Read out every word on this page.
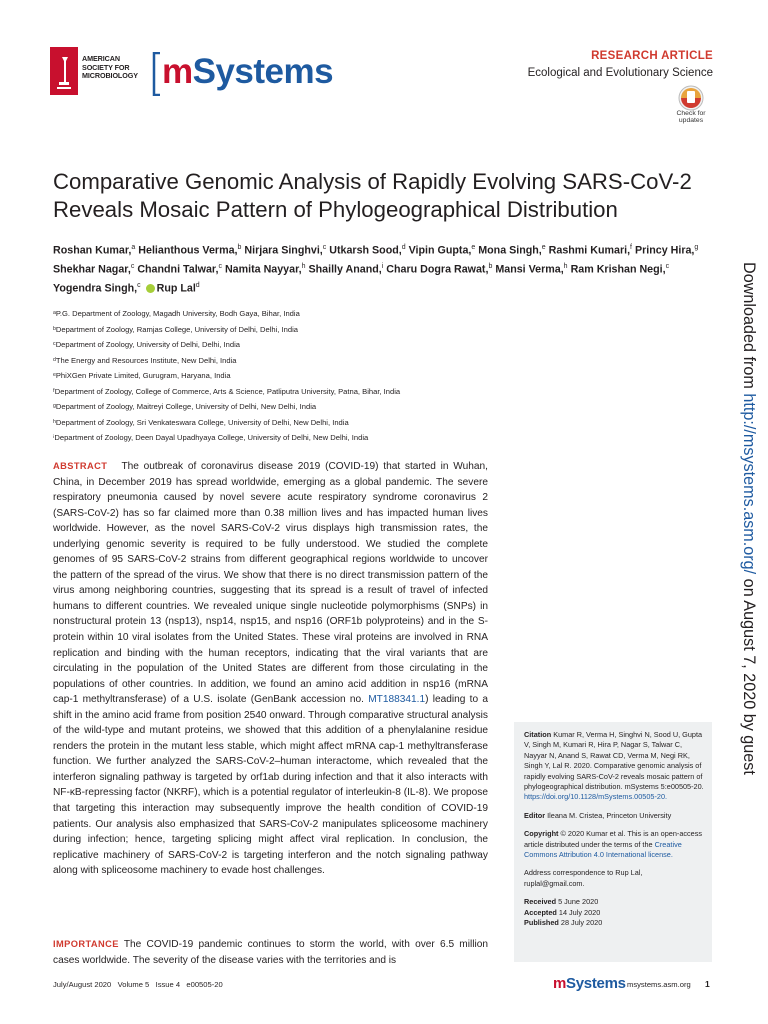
AMERICAN
SOCIETY FOR
MICROBIOLOGY mSystems	RESEARCH ARTICLE
Ecological and Evolutionary Science
Check for
updates
Comparative Genomic Analysis of Rapidly Evolving SARS-CoV-2 Reveals Mosaic Pattern of Phylogeographical Distribution
Roshan Kumar,$^a$ Helianthous Verma,$^b$ Nirjara Singhvi,$^c$ Utkarsh Sood,$^d$ Vipin Gupta,$^e$ Mona Singh,$^e$ Rashmi Kumari,$^f$ Princy Hira,$^g$ Shekhar Nagar,$^c$ Chandni Talwar,$^c$ Namita Nayyar,$^h$ Shailly Anand,$^i$ Charu Dogra Rawat,$^b$ Mansi Verma,$^h$ Ram Krishan Negi,$^c$ Yogendra Singh,$^c$ Rup Lal$^d$
ᵃP.G. Department of Zoology, Magadh University, Bodh Gaya, Bihar, India
ᵇDepartment of Zoology, Ramjas College, University of Delhi, Delhi, India
ᶜDepartment of Zoology, University of Delhi, Delhi, India
ᵈThe Energy and Resources Institute, New Delhi, India
ᵉPhiXGen Private Limited, Gurugram, Haryana, India
ᶠDepartment of Zoology, College of Commerce, Arts & Science, Patliputra University, Patna, Bihar, India
ᵍDepartment of Zoology, Maitreyi College, University of Delhi, New Delhi, India
ʰDepartment of Zoology, Sri Venkateswara College, University of Delhi, New Delhi, India
ⁱDepartment of Zoology, Deen Dayal Upadhyaya College, University of Delhi, New Delhi, India
ABSTRACT The outbreak of coronavirus disease 2019 (COVID-19) that started in Wuhan, China, in December 2019 has spread worldwide, emerging as a global pandemic. The severe respiratory pneumonia caused by novel severe acute respiratory syndrome coronavirus 2 (SARS-CoV-2) has so far claimed more than 0.38 million lives and has impacted human lives worldwide. However, as the novel SARS-CoV-2 virus displays high transmission rates, the underlying genomic severity is required to be fully understood. We studied the complete genomes of 95 SARS-CoV-2 strains from different geographical regions worldwide to uncover the pattern of the spread of the virus. We show that there is no direct transmission pattern of the virus among neighboring countries, suggesting that its spread is a result of travel of infected humans to different countries. We revealed unique single nucleotide polymorphisms (SNPs) in nonstructural protein 13 (nsp13), nsp14, nsp15, and nsp16 (ORF1b polyproteins) and in the S-protein within 10 viral isolates from the United States. These viral proteins are involved in RNA replication and binding with the human receptors, indicating that the viral variants that are circulating in the population of the United States are different from those circulating in the populations of other countries. In addition, we found an amino acid addition in nsp16 (mRNA cap-1 methyltransferase) of a U.S. isolate (GenBank accession no. MT188341.1) leading to a shift in the amino acid frame from position 2540 onward. Through comparative structural analysis of the wild-type and mutant proteins, we showed that this addition of a phenylalanine residue renders the protein in the mutant less stable, which might affect mRNA cap-1 methyltransferase function. We further analyzed the SARS-CoV-2–human interactome, which revealed that the interferon signaling pathway is targeted by orf1ab during infection and that it also interacts with NF-κB-repressing factor (NKRF), which is a potential regulator of interleukin-8 (IL-8). We propose that targeting this interaction may subsequently improve the health condition of COVID-19 patients. Our analysis also emphasized that SARS-CoV-2 manipulates spliceosome machinery during infection; hence, targeting splicing might affect viral replication. In conclusion, the replicative machinery of SARS-CoV-2 is targeting interferon and the notch signaling pathway along with spliceosome machinery to evade host challenges.
IMPORTANCE The COVID-19 pandemic continues to storm the world, with over 6.5 million cases worldwide. The severity of the disease varies with the territories and is
Citation Kumar R, Verma H, Singhvi N, Sood U, Gupta V, Singh M, Kumari R, Hira P, Nagar S, Talwar C, Nayyar N, Anand S, Rawat CD, Verma M, Negi RK, Singh Y, Lal R. 2020. Comparative genomic analysis of rapidly evolving SARS-CoV-2 reveals mosaic pattern of phylogeographical distribution. mSystems 5:e00505-20. https://doi.org/10.1128/mSystems.00505-20.
Editor Ileana M. Cristea, Princeton University
Copyright © 2020 Kumar et al. This is an open-access article distributed under the terms of the Creative Commons Attribution 4.0 International license.
Address correspondence to Rup Lal, ruplal@gmail.com.
Received 5 June 2020
Accepted 14 July 2020
Published 28 July 2020
Downloaded from http://msystems.asm.org/ on August 7, 2020 by guest
July/August 2020   Volume 5   Issue 4   e00505-20	mSystems msystems.asm.org 1
